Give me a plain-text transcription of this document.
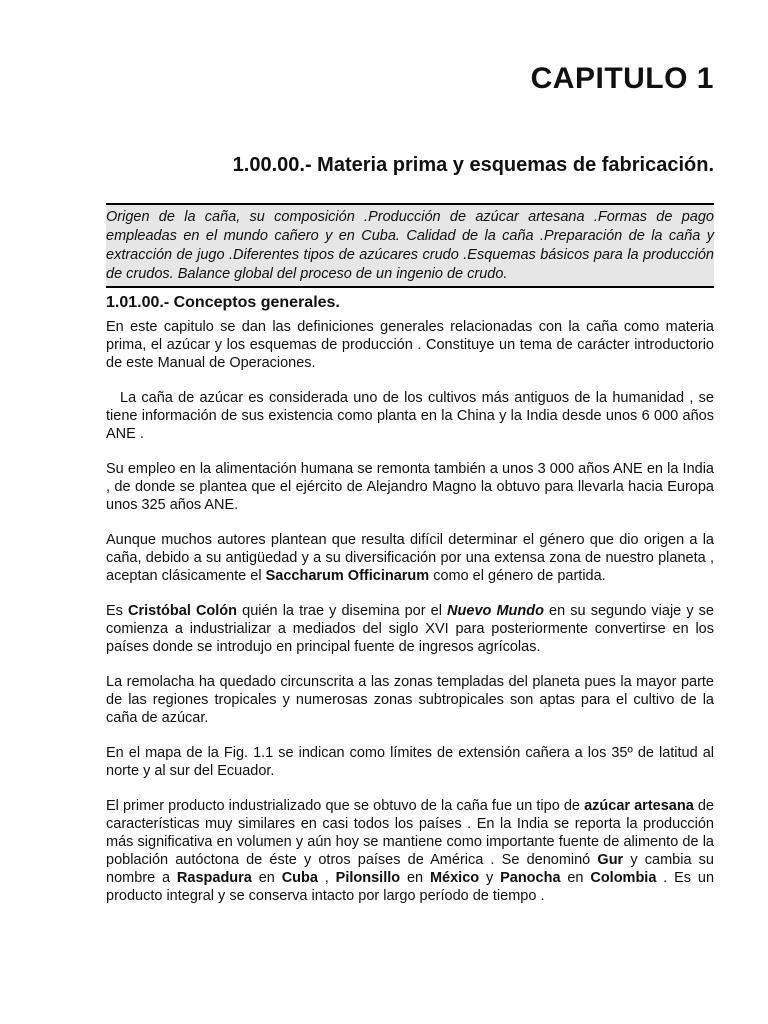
CAPITULO 1
1.00.00.- Materia prima y esquemas de fabricación.
Origen de la caña, su composición .Producción de azúcar artesana .Formas de pago empleadas en el mundo cañero y en Cuba. Calidad de la caña .Preparación de la caña y extracción de jugo .Diferentes tipos de azúcares crudo .Esquemas básicos para la producción de crudos. Balance global del proceso de un ingenio de crudo.
1.01.00.- Conceptos generales.

En este capitulo se dan las definiciones generales relacionadas con la caña como materia prima, el azúcar y los esquemas de producción . Constituye un tema de carácter introductorio de este Manual de Operaciones.

La caña de azúcar es considerada uno de los cultivos más antiguos de la humanidad , se tiene información de sus existencia como planta en la China y la India desde unos 6 000 años ANE .

Su empleo en la alimentación humana se remonta también a unos 3 000 años ANE en la India , de donde se plantea que el ejército de Alejandro Magno la obtuvo para llevarla hacia Europa unos 325 años ANE.

Aunque muchos autores plantean que resulta difícil determinar el género que dio origen a la caña, debido a su antigüedad y a su diversificación por una extensa zona de nuestro planeta , aceptan clásicamente el Saccharum Officinarum como el género de partida.

Es Cristóbal Colón quién la trae y disemina por el Nuevo Mundo en su segundo viaje y se comienza a industrializar a mediados del siglo XVI para posteriormente convertirse en los países donde se introdujo en principal fuente de ingresos agrícolas.

La remolacha ha quedado circunscrita a las zonas templadas del planeta pues la mayor parte de las regiones tropicales y numerosas zonas subtropicales son aptas para el cultivo de la caña de azúcar.

En el mapa de la Fig. 1.1 se indican como límites de extensión cañera a los 35º de latitud al norte y al sur del Ecuador.

El primer producto industrializado que se obtuvo de la caña fue un tipo de azúcar artesana de características muy similares en casi todos los países . En la India se reporta la producción más significativa en volumen y aún hoy se mantiene como importante fuente de alimento de la población autóctona de éste y otros países de América . Se denominó Gur y cambia su nombre a Raspadura en Cuba , Pilonsillo en México y Panocha en Colombia . Es un producto integral y se conserva intacto por largo período de tiempo .
